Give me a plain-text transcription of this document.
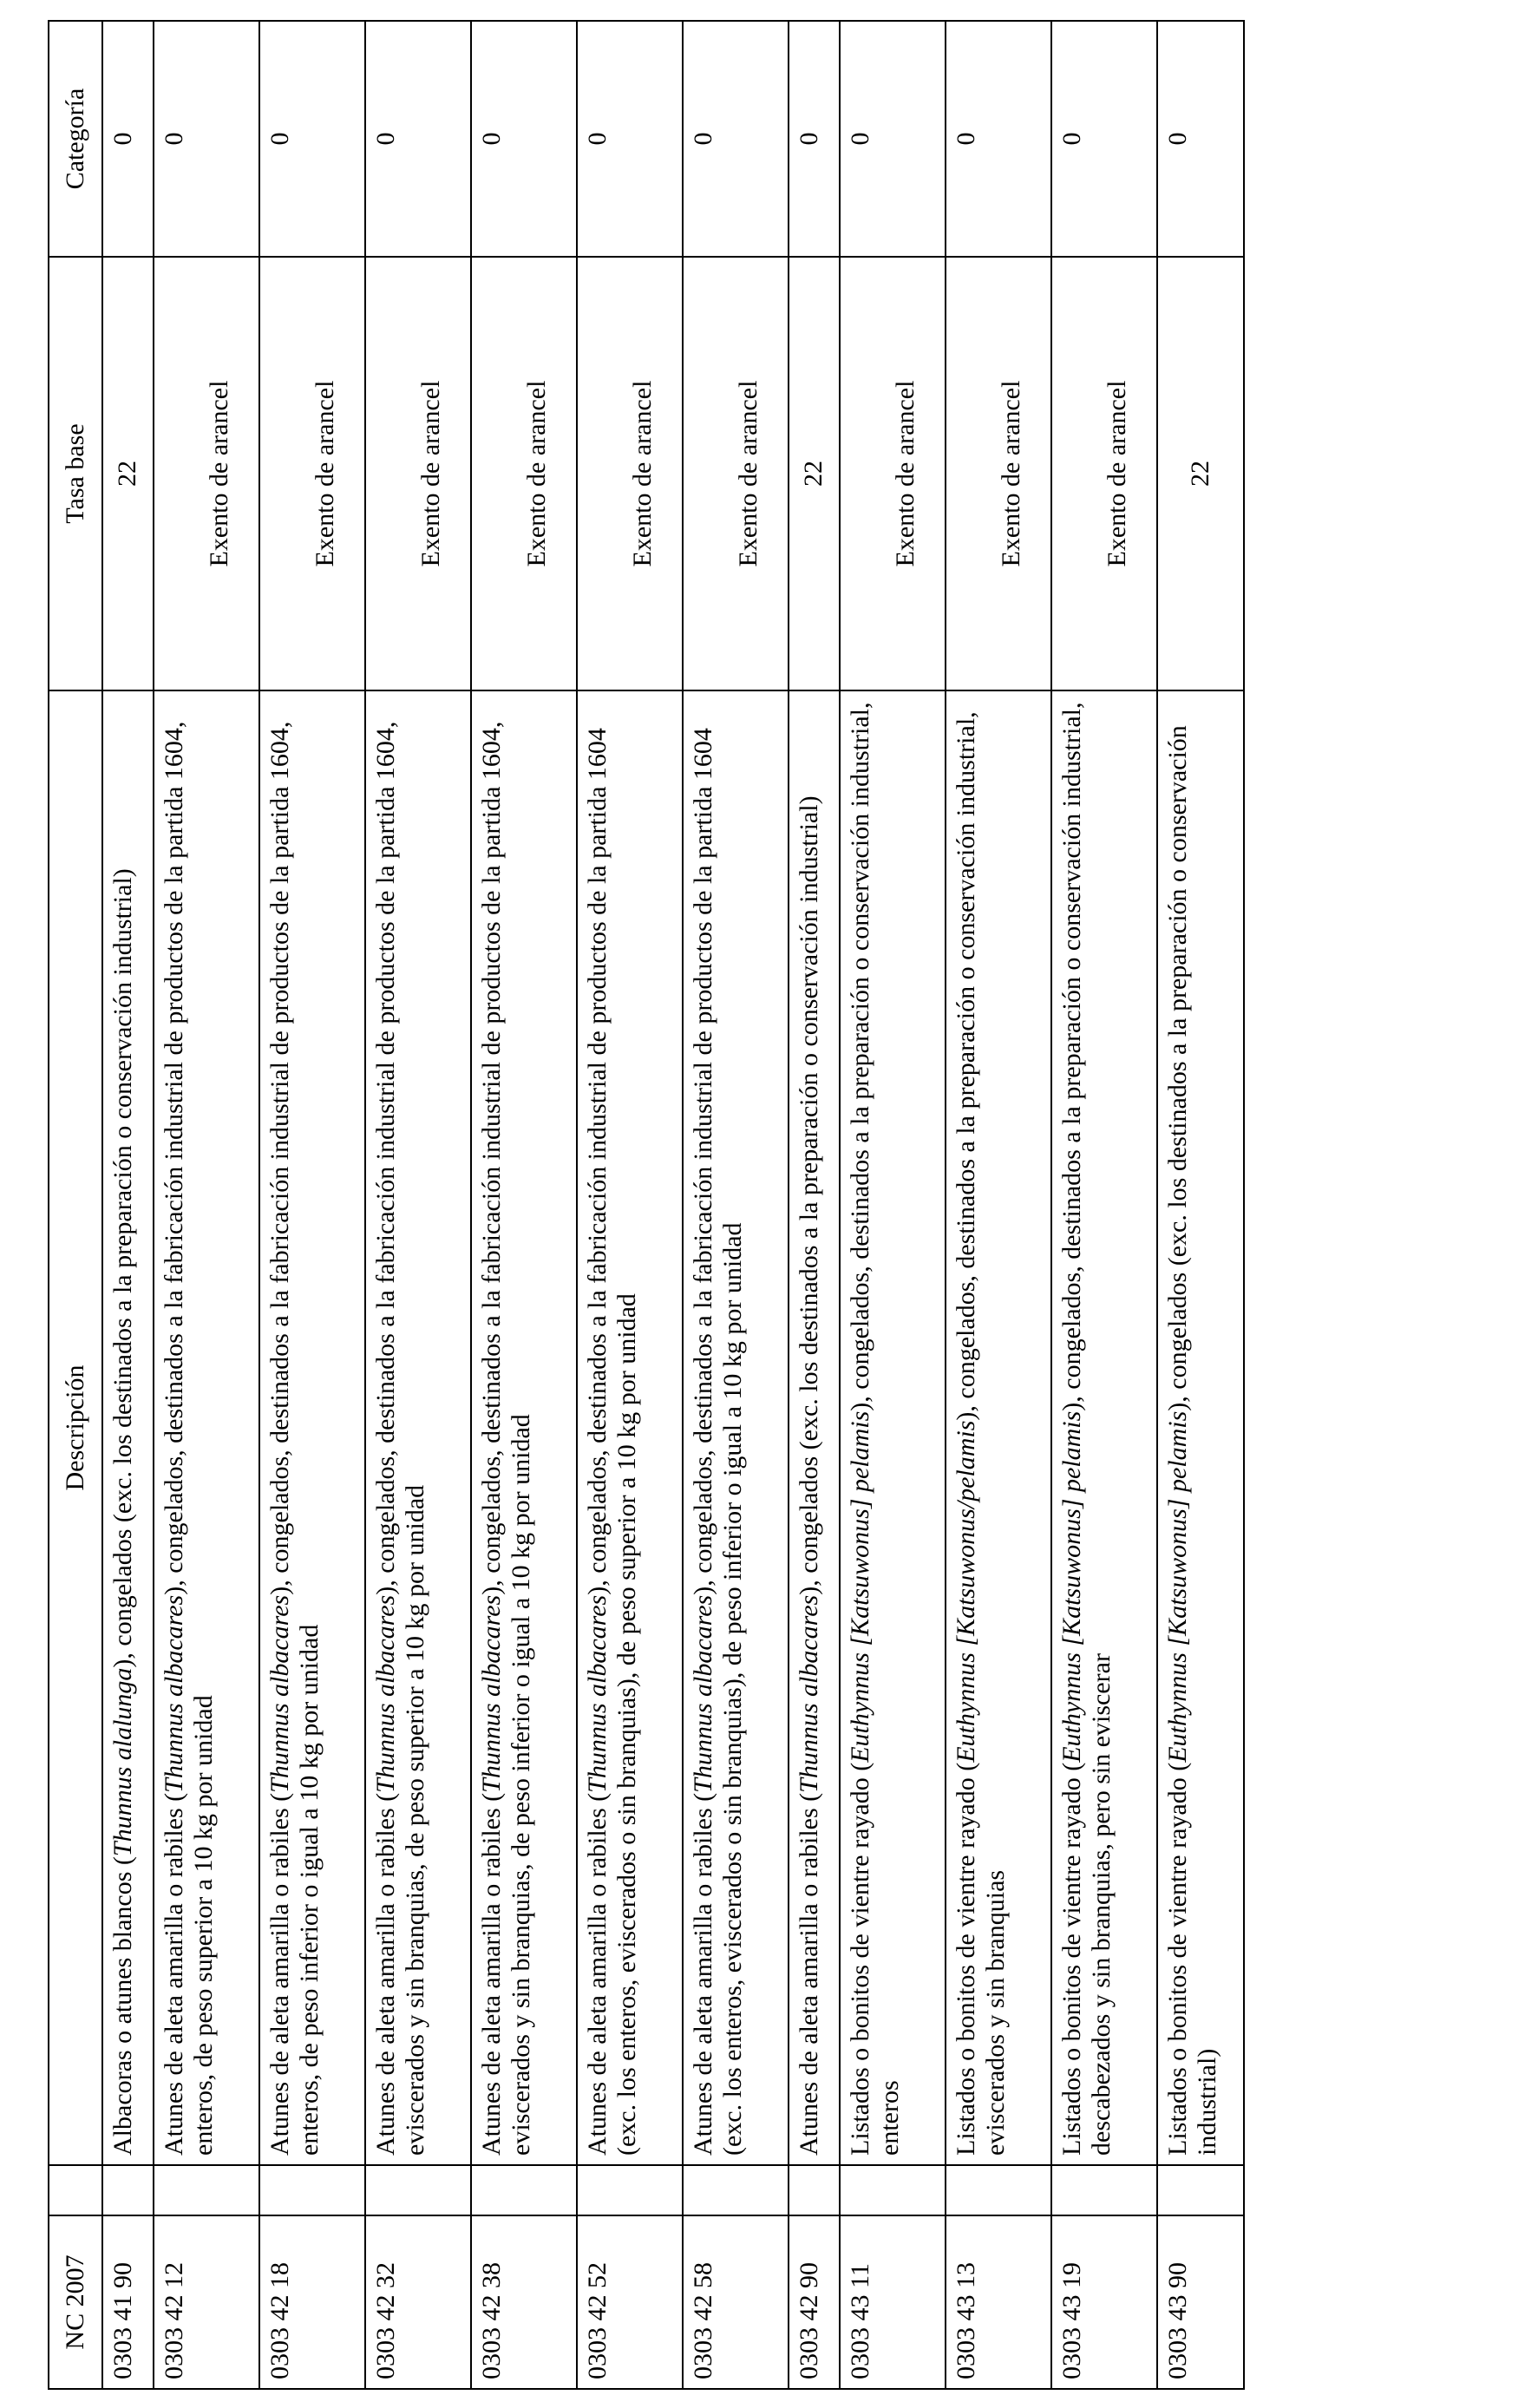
NC 2007		Descripción	Tasa base	Categoría
0303 41 90		Albacoras o atunes blancos (Thunnus alalunga), congelados (exc. los destinados a la preparación o conservación industrial)	22	0
0303 42 12		Atunes de aleta amarilla o rabiles (Thunnus albacares), congelados, destinados a la fabricación industrial de productos de la partida 1604, enteros, de peso superior a 10 kg por unidad	Exento de arancel	0
0303 42 18		Atunes de aleta amarilla o rabiles (Thunnus albacares), congelados, destinados a la fabricación industrial de productos de la partida 1604, enteros, de peso inferior o igual a 10 kg por unidad	Exento de arancel	0
0303 42 32		Atunes de aleta amarilla o rabiles (Thunnus albacares), congelados, destinados a la fabricación industrial de productos de la partida 1604, eviscerados y sin branquias, de peso superior a 10 kg por unidad	Exento de arancel	0
0303 42 38		Atunes de aleta amarilla o rabiles (Thunnus albacares), congelados, destinados a la fabricación industrial de productos de la partida 1604, eviscerados y sin branquias, de peso inferior o igual a 10 kg por unidad	Exento de arancel	0
0303 42 52		Atunes de aleta amarilla o rabiles (Thunnus albacares), congelados, destinados a la fabricación industrial de productos de la partida 1604 (exc. los enteros, eviscerados o sin branquias), de peso superior a 10 kg por unidad	Exento de arancel	0
0303 42 58		Atunes de aleta amarilla o rabiles (Thunnus albacares), congelados, destinados a la fabricación industrial de productos de la partida 1604 (exc. los enteros, eviscerados o sin branquias), de peso inferior o igual a 10 kg por unidad	Exento de arancel	0
0303 42 90		Atunes de aleta amarilla o rabiles (Thunnus albacares), congelados (exc. los destinados a la preparación o conservación industrial)	22	0
0303 43 11		Listados o bonitos de vientre rayado (Euthynnus [Katsuwonus] pelamis), congelados, destinados a la preparación o conservación industrial, enteros	Exento de arancel	0
0303 43 13		Listados o bonitos de vientre rayado (Euthynnus [Katsuwonus/pelamis), congelados, destinados a la preparación o conservación industrial, eviscerados y sin branquias	Exento de arancel	0
0303 43 19		Listados o bonitos de vientre rayado (Euthynnus [Katsuwonus] pelamis), congelados, destinados a la preparación o conservación industrial, descabezados y sin branquias, pero sin eviscerar	Exento de arancel	0
0303 43 90		Listados o bonitos de vientre rayado (Euthynnus [Katsuwonus] pelamis), congelados (exc. los destinados a la preparación o conservación industrial)	22	0
